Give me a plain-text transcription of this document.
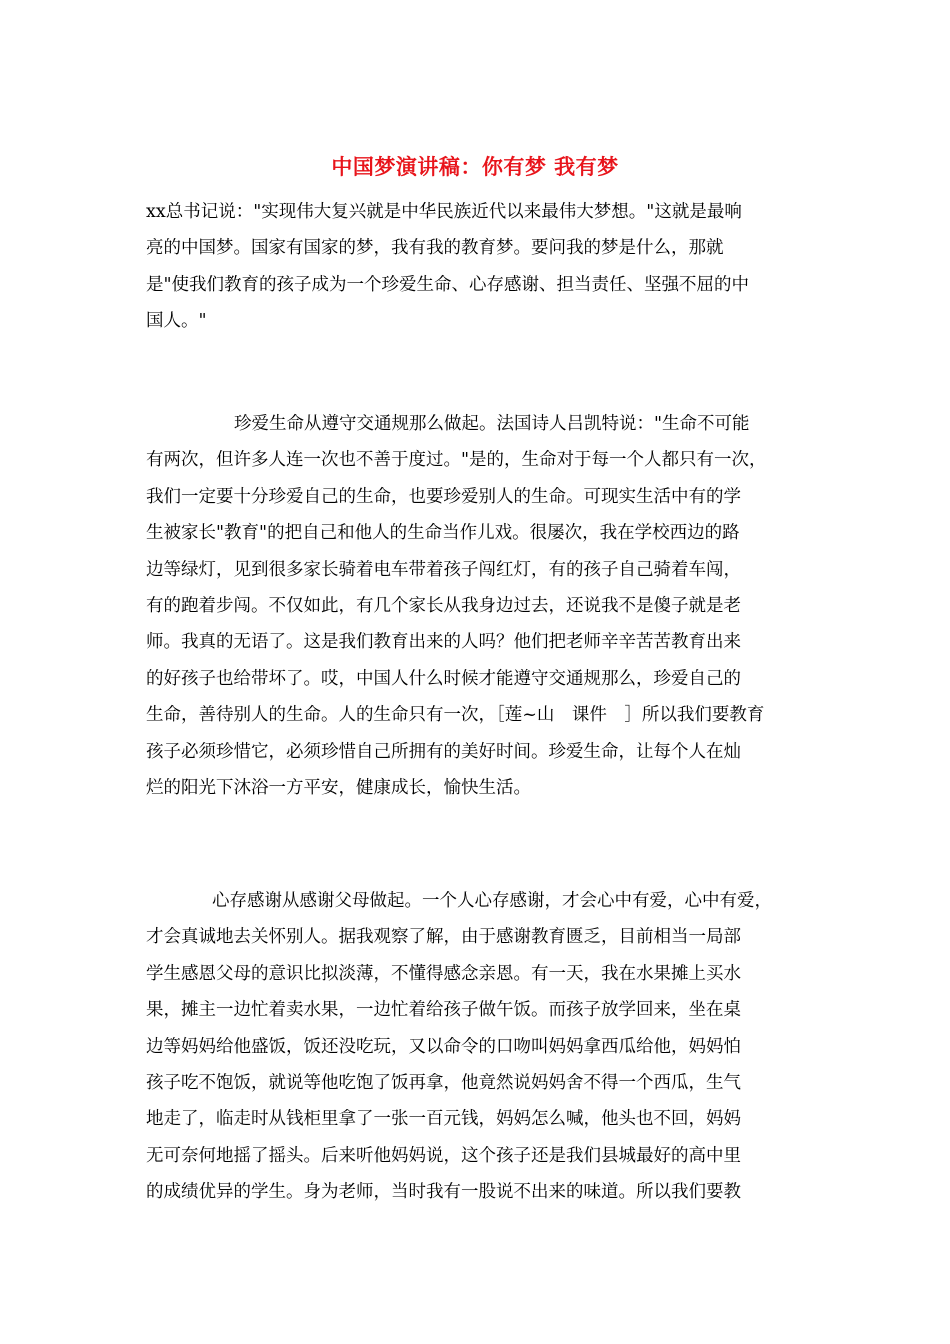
中国梦演讲稿：你有梦 我有梦
xx总书记说："实现伟大复兴就是中华民族近代以来最伟大梦想。"这就是最响
亮的中国梦。国家有国家的梦，我有我的教育梦。要问我的梦是什么，那就
是"使我们教育的孩子成为一个珍爱生命、心存感谢、担当责任、坚强不屈的中
国人。"
珍爱生命从遵守交通规那么做起。法国诗人吕凯特说："生命不可能
有两次，但许多人连一次也不善于度过。"是的，生命对于每一个人都只有一次，
我们一定要十分珍爱自己的生命，也要珍爱别人的生命。可现实生活中有的学
生被家长"教育"的把自己和他人的生命当作儿戏。很屡次，我在学校西边的路
边等绿灯，见到很多家长骑着电车带着孩子闯红灯，有的孩子自己骑着车闯，
有的跑着步闯。不仅如此，有几个家长从我身边过去，还说我不是傻子就是老
师。我真的无语了。这是我们教育出来的人吗？他们把老师辛辛苦苦教育出来
的好孩子也给带坏了。哎，中国人什么时候才能遵守交通规那么，珍爱自己的
生命，善待别人的生命。人的生命只有一次，［莲~山　课件　］所以我们要教育
孩子必须珍惜它，必须珍惜自己所拥有的美好时间。珍爱生命，让每个人在灿
烂的阳光下沐浴一方平安，健康成长，愉快生活。
心存感谢从感谢父母做起。一个人心存感谢，才会心中有爱，心中有爱，
才会真诚地去关怀别人。据我观察了解，由于感谢教育匮乏，目前相当一局部
学生感恩父母的意识比拟淡薄，不懂得感念亲恩。有一天，我在水果摊上买水
果，摊主一边忙着卖水果，一边忙着给孩子做午饭。而孩子放学回来，坐在桌
边等妈妈给他盛饭，饭还没吃玩，又以命令的口吻叫妈妈拿西瓜给他，妈妈怕
孩子吃不饱饭，就说等他吃饱了饭再拿，他竟然说妈妈舍不得一个西瓜，生气
地走了，临走时从钱柜里拿了一张一百元钱，妈妈怎么喊，他头也不回，妈妈
无可奈何地摇了摇头。后来听他妈妈说，这个孩子还是我们县城最好的高中里
的成绩优异的学生。身为老师，当时我有一股说不出来的味道。所以我们要教
